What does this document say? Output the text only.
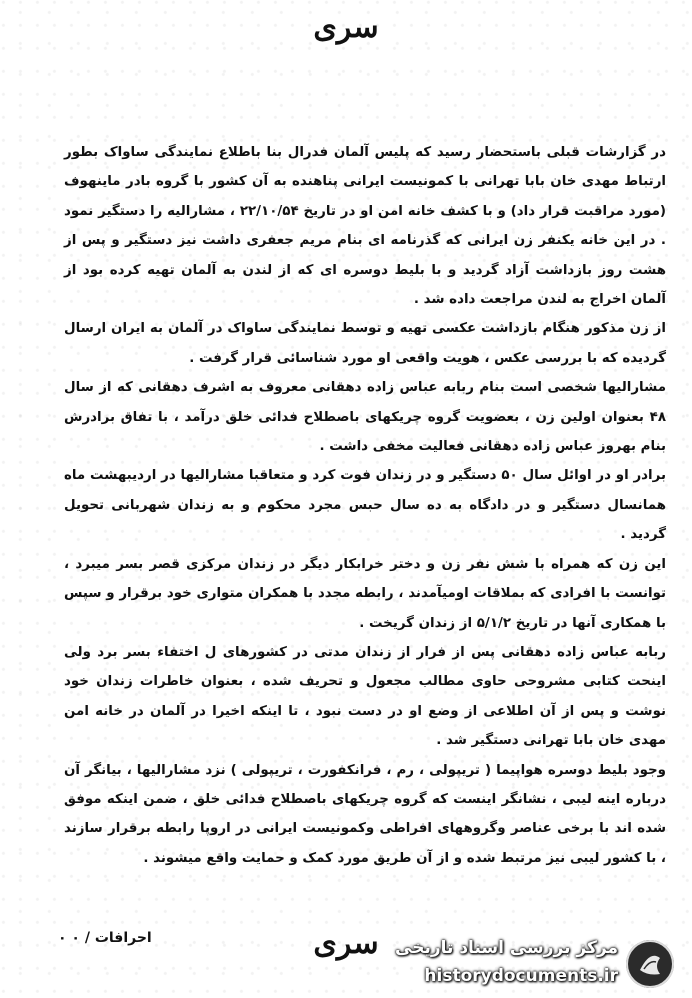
سری

در گزارشات قبلی باستحضار رسید که پلیس آلمان فدرال بنا باطلاع نمایندگی ساواک بطور ارتباط مهدی خان بابا تهرانی با کمونیست ایرانی پناهنده به آن کشور با گروه بادر ماینهوف (مورد مراقبت قرار داد) و با کشف خانه امن او در تاریخ ۲۲/۱۰/۵۴ ، مشارالیه را دستگیر نمود . در این خانه یکنفر زن ایرانی که گذرنامه ای بنام مریم جعفری داشت نیز دستگیر و پس از هشت روز بازداشت آزاد گردید و با بلیط دوسره ای که از لندن به آلمان تهیه کرده بود از آلمان اخراج به لندن مراجعت داده شد .

از زن مذکور هنگام بازداشت عکسی تهیه و توسط نمایندگی ساواک در آلمان به ایران ارسال گردیده که با بررسی عکس ، هویت واقعی او مورد شناسائی قرار گرفت .

مشارالیها شخصی است بنام ربابه عباس زاده دهقانی معروف به اشرف دهقانی که از سال ۴۸ بعنوان اولین زن ، بعضویت گروه چریکهای باصطلاح فدائی خلق درآمد ، با تفاق برادرش بنام بهروز عباس زاده دهقانی فعالیت مخفی داشت .

برادر او در اوائل سال ۵۰ دستگیر و در زندان فوت کرد و متعاقبا مشارالیها در اردیبهشت ماه همانسال دستگیر و در دادگاه به ده سال حبس مجرد محکوم و به زندان شهربانی تحویل گردید .

این زن که همراه با شش نفر زن و دختر خرابکار دیگر در زندان مرکزی قصر بسر میبرد ، توانست با افرادی که بملاقات اومیآمدند ، رابطه مجدد با همکران متواری خود برقرار و سپس با همکاری آنها در تاریخ ۵/۱/۲ از زندان گریخت .

ربابه عباس زاده دهقانی پس از فرار از زندان مدتی در کشورهای ل اختفاء بسر برد ولی اینحت کتابی مشروحی حاوی مطالب مجعول و تحریف شده ، بعنوان خاطرات زندان خود نوشت و پس از آن اطلاعی از وضع او در دست نبود ، تا اینکه اخیرا در آلمان در خانه امن مهدی خان بابا تهرانی دستگیر شد .

وجود بلیط دوسره هواپیما ( تریپولی ، رم ، فرانکفورت ، تریپولی ) نزد مشارالیها ، بیانگر آن درباره اینه لیبی ، نشانگر اینست که گروه چریکهای باصطلاح فدائی خلق ، ضمن اینکه موفق شده اند با برخی عناصر وگروههای افراطی وکمونیست ایرانی در اروپا رابطه برقرار سازند ، با کشور لیبی نیز مرتبط شده و از آن طریق مورد کمک و حمایت واقع میشوند .

احرافات / ۰ ۰	سری مرکز بررسی اسناد تاریخی
historydocuments.ir
